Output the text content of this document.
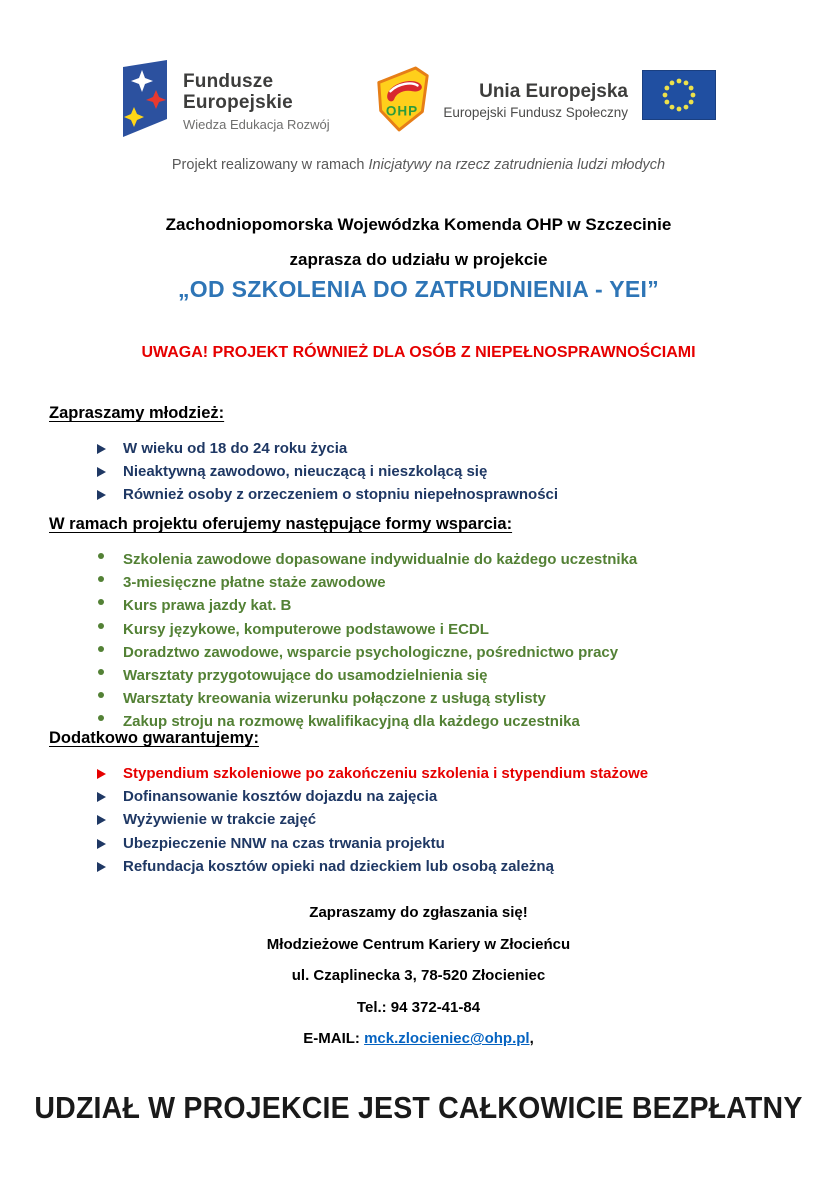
Fundusze
Europejskie
Wiedza Edukacja Rozwój
OHP
Unia Europejska
Europejski Fundusz Społeczny
Projekt realizowany w ramach Inicjatywy na rzecz zatrudnienia ludzi młodych
Zachodniopomorska Wojewódzka Komenda OHP w Szczecinie
zaprasza do udziału w projekcie
„OD SZKOLENIA DO ZATRUDNIENIA - YEI”
UWAGA! PROJEKT RÓWNIEŻ DLA OSÓB Z NIEPEŁNOSPRAWNOŚCIAMI
Zapraszamy młodzież:
W wieku od 18 do 24 roku życia
Nieaktywną zawodowo, nieuczącą i nieszkolącą się
Również osoby z orzeczeniem o stopniu niepełnosprawności
W ramach projektu oferujemy następujące formy wsparcia:
Szkolenia zawodowe dopasowane indywidualnie do każdego uczestnika
3-miesięczne płatne staże zawodowe
Kurs prawa jazdy kat. B
Kursy językowe, komputerowe podstawowe i ECDL
Doradztwo zawodowe, wsparcie psychologiczne, pośrednictwo pracy
Warsztaty przygotowujące do usamodzielnienia się
Warsztaty kreowania wizerunku połączone z usługą stylisty
Zakup stroju na rozmowę kwalifikacyjną dla każdego uczestnika
Dodatkowo gwarantujemy:
Stypendium szkoleniowe po zakończeniu szkolenia i stypendium stażowe
Dofinansowanie kosztów dojazdu na zajęcia
Wyżywienie w trakcie zajęć
Ubezpieczenie NNW na czas trwania projektu
Refundacja kosztów opieki nad dzieckiem lub osobą zależną
Zapraszamy do zgłaszania się!
Młodzieżowe Centrum Kariery w Złocieńcu
ul. Czaplinecka 3, 78-520 Złocieniec
Tel.: 94 372-41-84
E-MAIL: mck.zlocieniec@ohp.pl,
UDZIAŁ W PROJEKCIE JEST CAŁKOWICIE BEZPŁATNY
